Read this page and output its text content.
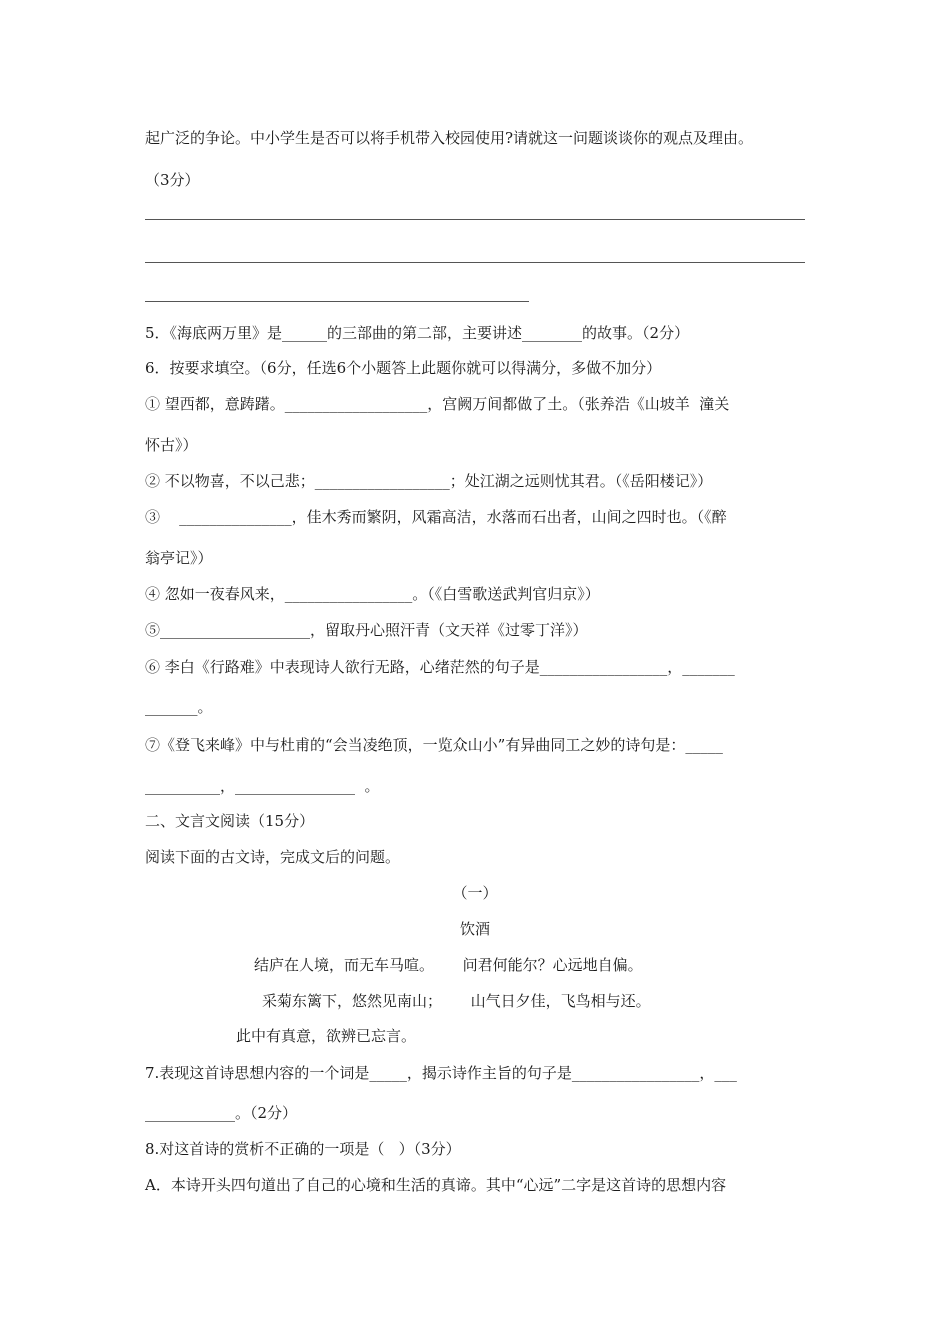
起广泛的争论。中小学生是否可以将手机带入校园使用?请就这一问题谈谈你的观点及理由。
（3分）
5．《海底两万里》是______的三部曲的第二部，主要讲述________的故事。（2分）
6．按要求填空。（6分，任选6个小题答上此题你就可以得满分，多做不加分）
① 望西都，意踌躇。___________________，宫阙万间都做了土。（张养浩《山坡羊  潼关
怀古》）
② 不以物喜，不以己悲；__________________；处江湖之远则忧其君。（《岳阳楼记》）
③    _______________，佳木秀而繁阴，风霜高洁，水落而石出者，山间之四时也。（《醉
翁亭记》）
④ 忽如一夜春风来，_________________。（《白雪歌送武判官归京》）
⑤____________________，留取丹心照汗青（文天祥《过零丁洋》）
⑥ 李白《行路难》中表现诗人欲行无路，心绪茫然的句子是_________________，_______
_______。
⑦《登飞来峰》中与杜甫的“会当凌绝顶，一览众山小”有异曲同工之妙的诗句是：_____
__________，________________  。
二、文言文阅读（15分）
阅读下面的古文诗，完成文后的问题。
（一）
饮酒
结庐在人境，而无车马喧。      问君何能尔？心远地自偏。
采菊东篱下，悠然见南山；      山气日夕佳，飞鸟相与还。
此中有真意，欲辨已忘言。
7.表现这首诗思想内容的一个词是_____，揭示诗作主旨的句子是_________________，___
____________。（2分）
8.对这首诗的赏析不正确的一项是（   ）（3分）
A．本诗开头四句道出了自己的心境和生活的真谛。其中“心远”二字是这首诗的思想内容
